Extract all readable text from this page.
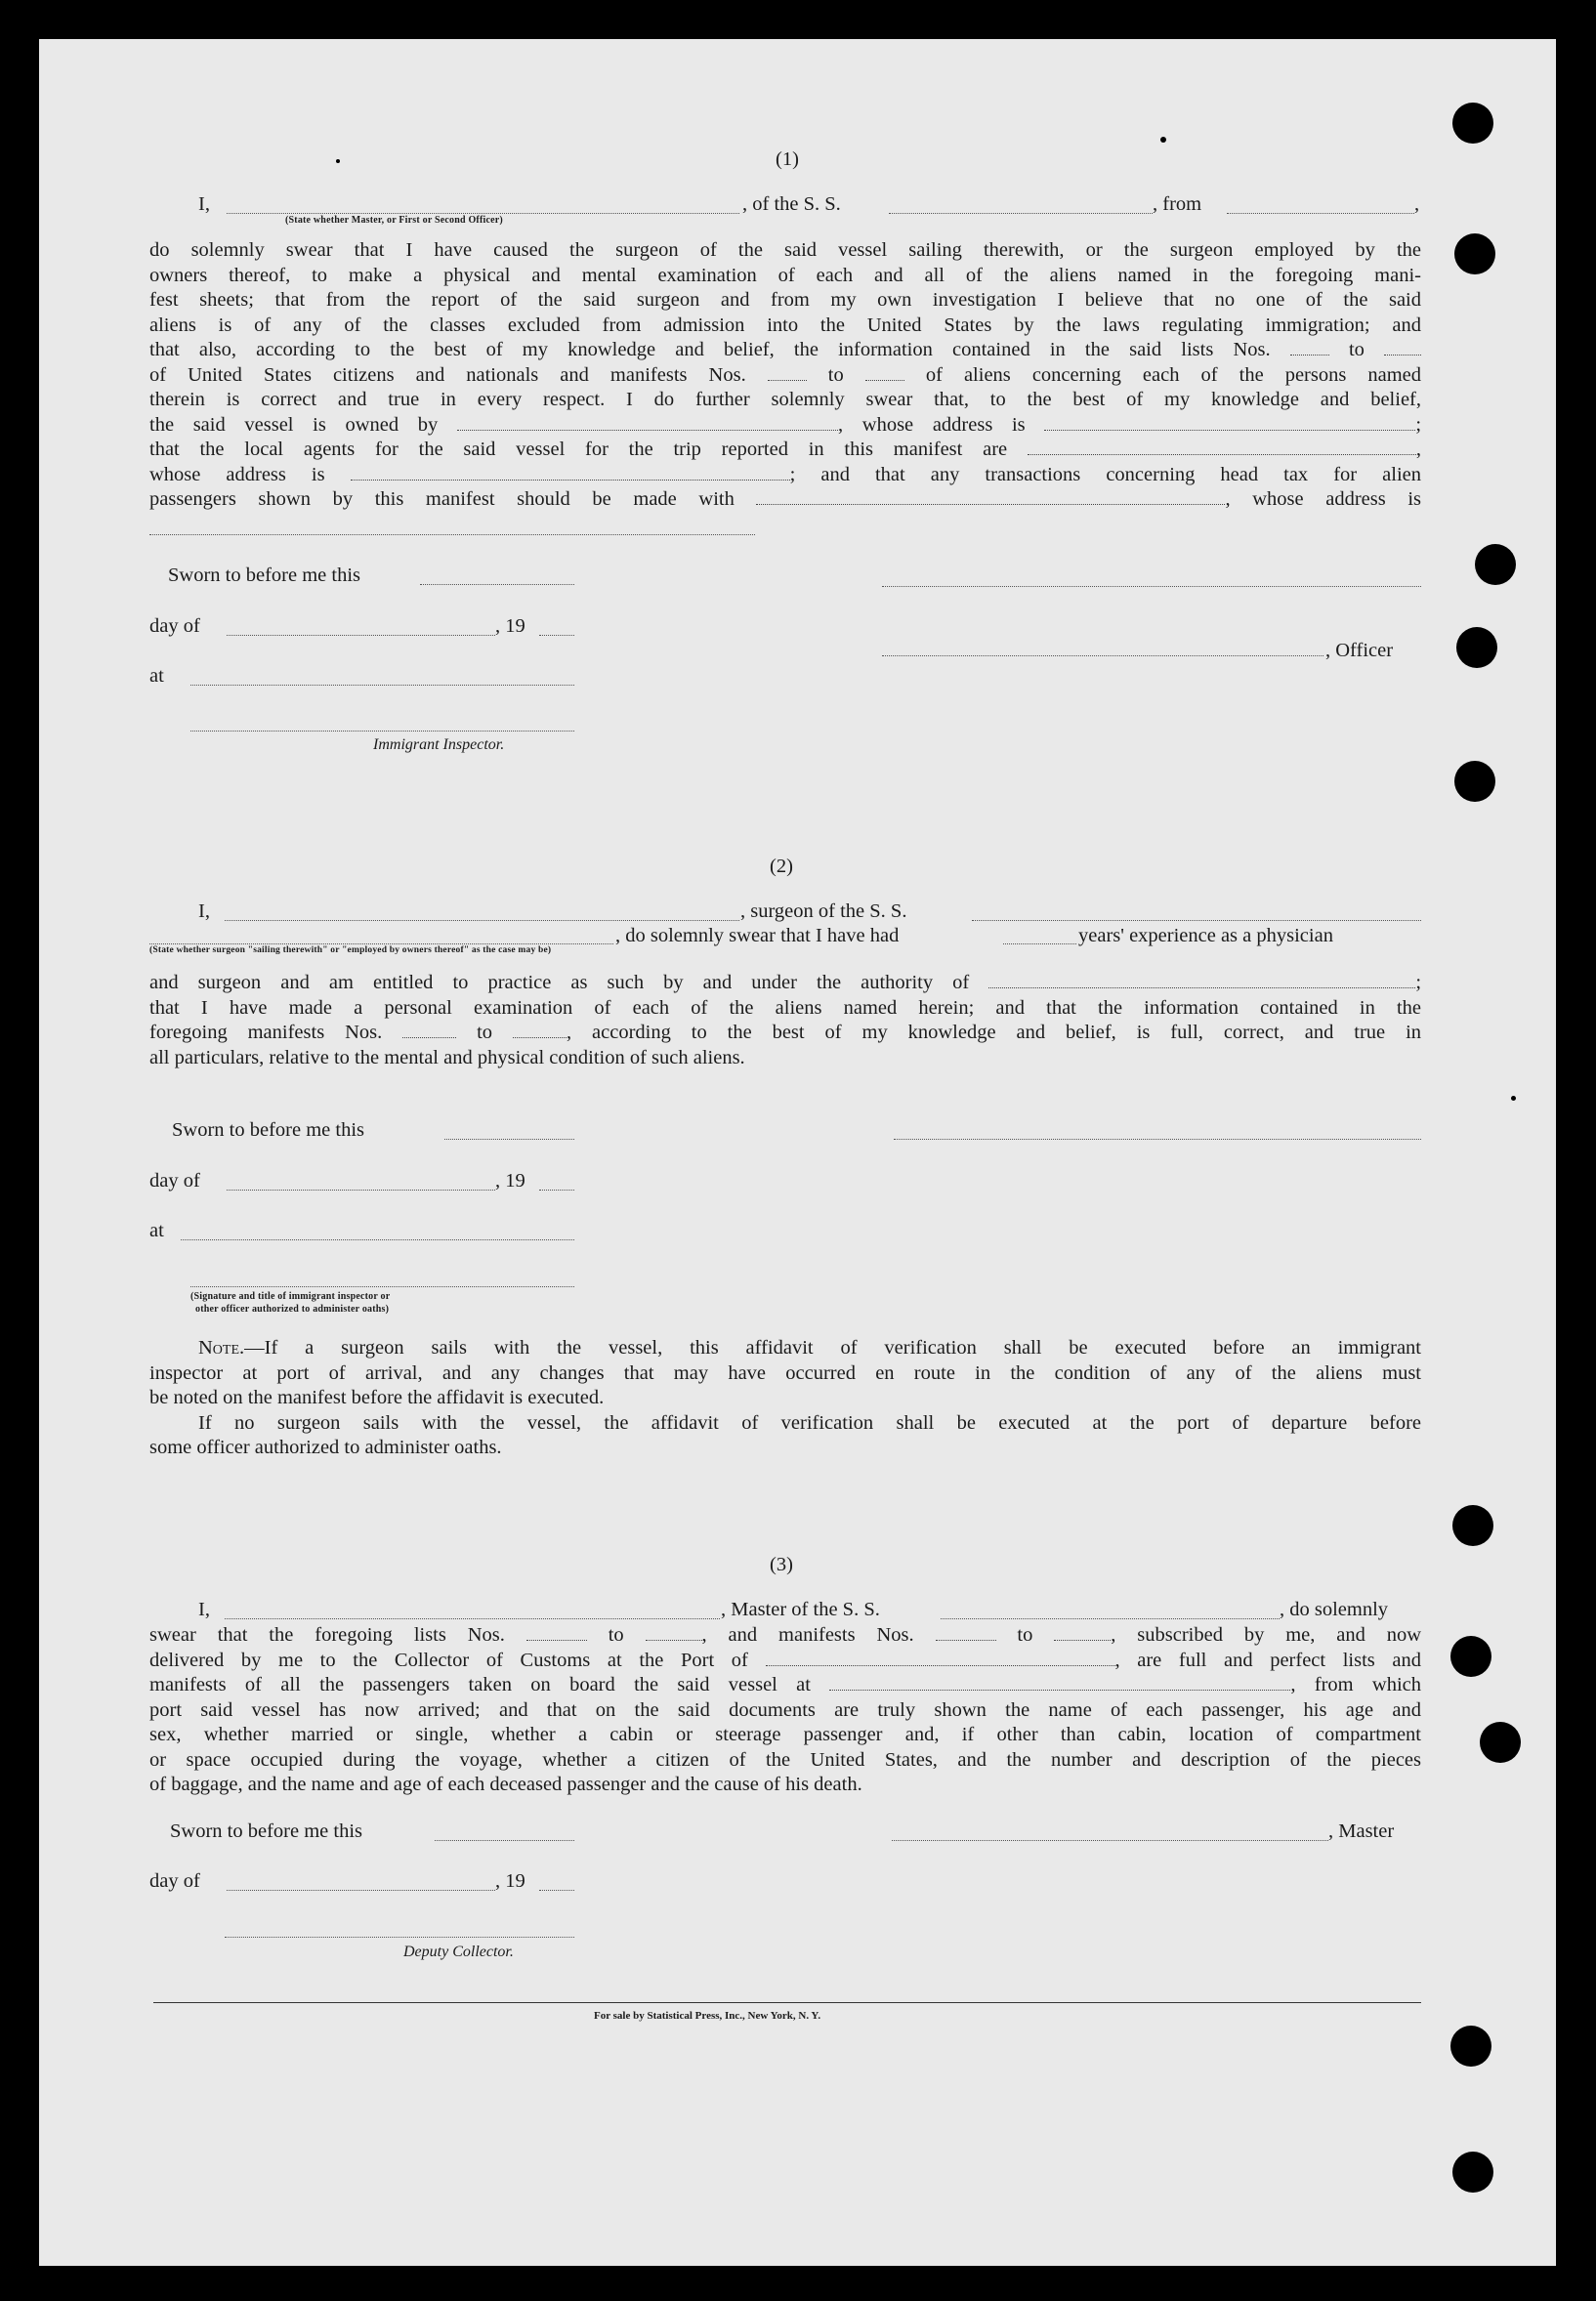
(1)
I,	, of the S. S.	, from	,
(State whether Master, or First or Second Officer)

do solemnly swear that I have caused the surgeon of the said vessel sailing therewith, or the surgeon employed by the

owners thereof, to make a physical and mental examination of each and all of the aliens named in the foregoing mani-

fest sheets; that from the report of the said surgeon and from my own investigation I believe that no one of the said

aliens is of any of the classes excluded from admission into the United States by the laws regulating immigration; and

that also, according to the best of my knowledge and belief, the information contained in the said lists Nos.	to

of United States citizens and nationals and manifests Nos.	to	of aliens concerning each of the persons named

therein is correct and true in every respect. I do further solemnly swear that, to the best of my knowledge and belief,

the said vessel is owned by	, whose address is	;

that the local agents for the said vessel for the trip reported in this manifest are	,

whose address is	; and that any transactions concerning head tax for alien

passengers shown by this manifest should be made with	, whose address is

Sworn to before me this
day of	, 19
, Officer
at
Immigrant Inspector.
(2)
I,	, surgeon of the S. S.
, do solemnly swear that I have had	years' experience as a physician
(State whether surgeon "sailing therewith" or "employed by owners thereof" as the case may be)

and surgeon and am entitled to practice as such by and under the authority of	;

that I have made a personal examination of each of the aliens named herein; and that the information contained in the

foregoing manifests Nos.	to	, according to the best of my knowledge and belief, is full, correct, and true in

all particulars, relative to the mental and physical condition of such aliens.

Sworn to before me this
day of	, 19
at
(Signature and title of immigrant inspector or
other officer authorized to administer oaths)

Note.—If a surgeon sails with the vessel, this affidavit of verification shall be executed before an immigrant

inspector at port of arrival, and any changes that may have occurred en route in the condition of any of the aliens must

be noted on the manifest before the affidavit is executed.

If no surgeon sails with the vessel, the affidavit of verification shall be executed at the port of departure before

some officer authorized to administer oaths.

(3)
I,	, Master of the S. S.	, do solemnly

swear that the foregoing lists Nos.	to	, and manifests Nos.	to	, subscribed by me, and now

delivered by me to the Collector of Customs at the Port of	, are full and perfect lists and

manifests of all the passengers taken on board the said vessel at	, from which

port said vessel has now arrived; and that on the said documents are truly shown the name of each passenger, his age and

sex, whether married or single, whether a cabin or steerage passenger and, if other than cabin, location of compartment

or space occupied during the voyage, whether a citizen of the United States, and the number and description of the pieces

of baggage, and the name and age of each deceased passenger and the cause of his death.

Sworn to before me this	, Master
day of	, 19
Deputy Collector.
For sale by Statistical Press, Inc., New York, N. Y.
